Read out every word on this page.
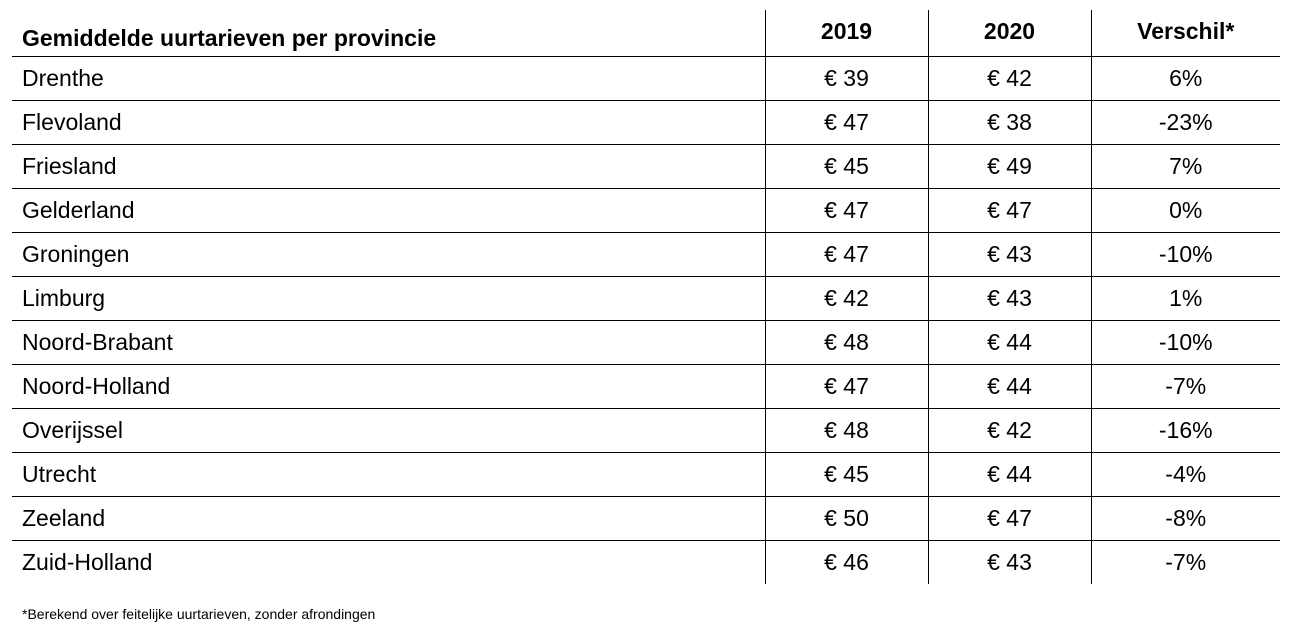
Gemiddelde uurtarieven per provincie	2019	2020	Verschil*
Drenthe	€ 39	€ 42	6%
Flevoland	€ 47	€ 38	-23%
Friesland	€ 45	€ 49	7%
Gelderland	€ 47	€ 47	0%
Groningen	€ 47	€ 43	-10%
Limburg	€ 42	€ 43	1%
Noord-Brabant	€ 48	€ 44	-10%
Noord-Holland	€ 47	€ 44	-7%
Overijssel	€ 48	€ 42	-16%
Utrecht	€ 45	€ 44	-4%
Zeeland	€ 50	€ 47	-8%
Zuid-Holland	€ 46	€ 43	-7%
*Berekend over feitelijke uurtarieven, zonder afrondingen
